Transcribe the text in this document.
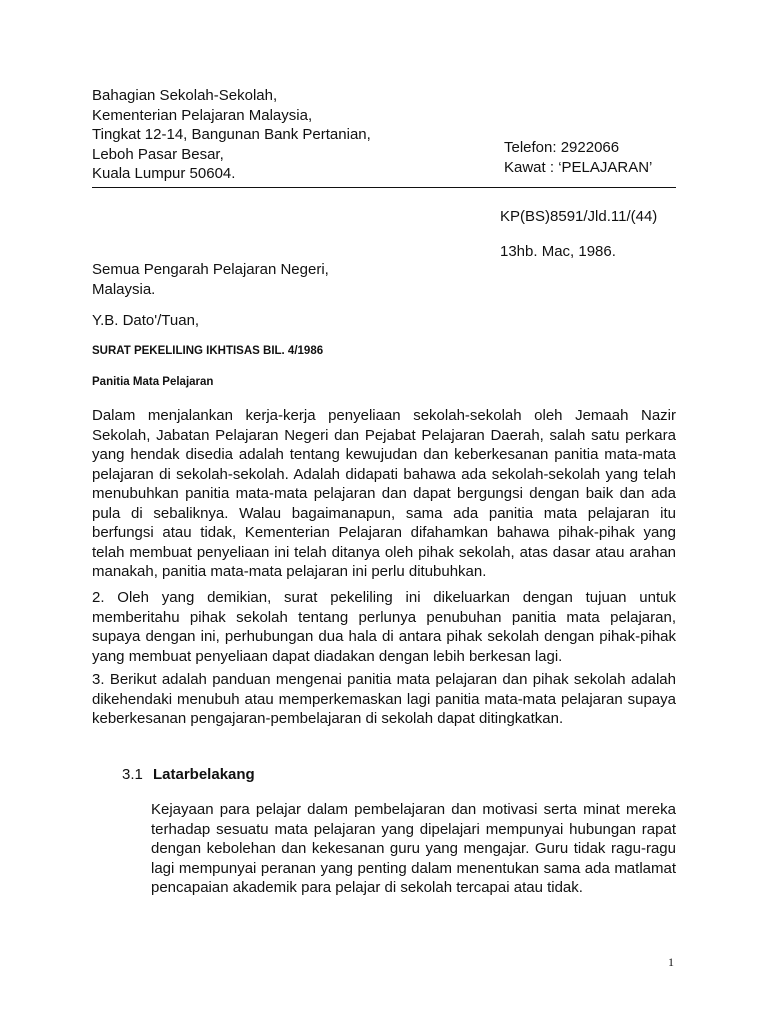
Bahagian Sekolah-Sekolah,
Kementerian Pelajaran Malaysia,
Tingkat 12-14, Bangunan Bank Pertanian,
Leboh Pasar Besar,
Kuala Lumpur 50604.
Telefon: 2922066
Kawat : ‘PELAJARAN’
KP(BS)8591/Jld.11/(44)
13hb. Mac, 1986.
Semua Pengarah Pelajaran Negeri,
Malaysia.
Y.B. Dato'/Tuan,
SURAT PEKELILING IKHTISAS BIL. 4/1986
Panitia Mata Pelajaran
Dalam menjalankan kerja-kerja penyeliaan sekolah-sekolah oleh Jemaah Nazir Sekolah, Jabatan Pelajaran Negeri dan Pejabat Pelajaran Daerah, salah satu perkara yang hendak disedia adalah tentang kewujudan dan keberkesanan panitia mata-mata pelajaran di sekolah-sekolah. Adalah didapati bahawa ada sekolah-sekolah yang telah menubuhkan panitia mata-mata pelajaran dan dapat bergungsi dengan baik dan ada pula di sebaliknya. Walau bagaimanapun, sama ada panitia mata pelajaran itu berfungsi atau tidak, Kementerian Pelajaran difahamkan bahawa pihak-pihak yang telah membuat penyeliaan ini telah ditanya oleh pihak sekolah, atas dasar atau arahan manakah, panitia mata-mata pelajaran ini perlu ditubuhkan.
2. Oleh yang demikian, surat pekeliling ini dikeluarkan dengan tujuan untuk memberitahu pihak sekolah tentang perlunya penubuhan panitia mata pelajaran, supaya dengan ini, perhubungan dua hala di antara pihak sekolah dengan pihak-pihak yang membuat penyeliaan dapat diadakan dengan lebih berkesan lagi.
3. Berikut adalah panduan mengenai panitia mata pelajaran dan pihak sekolah adalah dikehendaki menubuh atau memperkemaskan lagi panitia mata-mata pelajaran supaya keberkesanan pengajaran-pembelajaran di sekolah dapat ditingkatkan.
3.1 Latarbelakang
Kejayaan para pelajar dalam pembelajaran dan motivasi serta minat mereka terhadap sesuatu mata pelajaran yang dipelajari mempunyai hubungan rapat dengan kebolehan dan kekesanan guru yang mengajar. Guru tidak ragu-ragu lagi mempunyai peranan yang penting dalam menentukan sama ada matlamat pencapaian akademik para pelajar di sekolah tercapai atau tidak.
1
